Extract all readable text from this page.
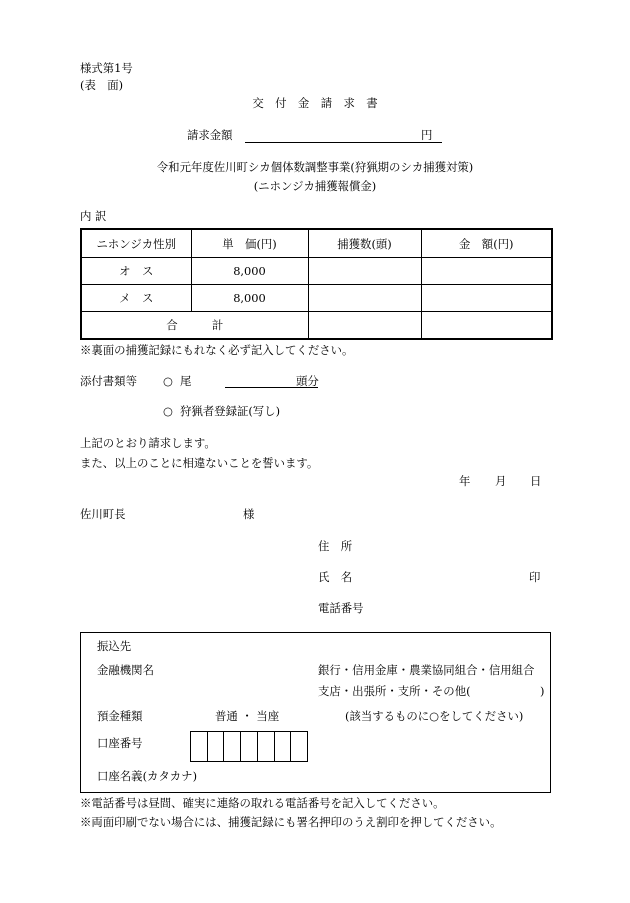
様式第1号
(表　面)
交　付　金　請　求　書
請求金額	円
令和元年度佐川町シカ個体数調整事業(狩猟期のシカ捕獲対策)
(ニホンジカ捕獲報償金)
内 訳
ニホンジカ性別	単　価(円)	捕獲数(頭)	金　額(円)
オ　ス	8,000		
メ　ス	8,000		
合　　　計			
※裏面の捕獲記録にもれなく必ず記入してください。
添付書類等 ○ 尾	頭分
○ 狩猟者登録証(写し)
上記のとおり請求します。
また、以上のことに相違ないことを誓います。
年 月 日
佐川町長	様
住　所
氏　名	印
電話番号
振込先
金融機関名	銀行・信用金庫・農業協同組合・信用組合
支店・出張所・支所・その他(	)
預金種類	普通 ・ 当座	(該当するものに○をしてください)
口座番号
口座名義(カタカナ)
※電話番号は昼間、確実に連絡の取れる電話番号を記入してください。
※両面印刷でない場合には、捕獲記録にも署名押印のうえ割印を押してください。
